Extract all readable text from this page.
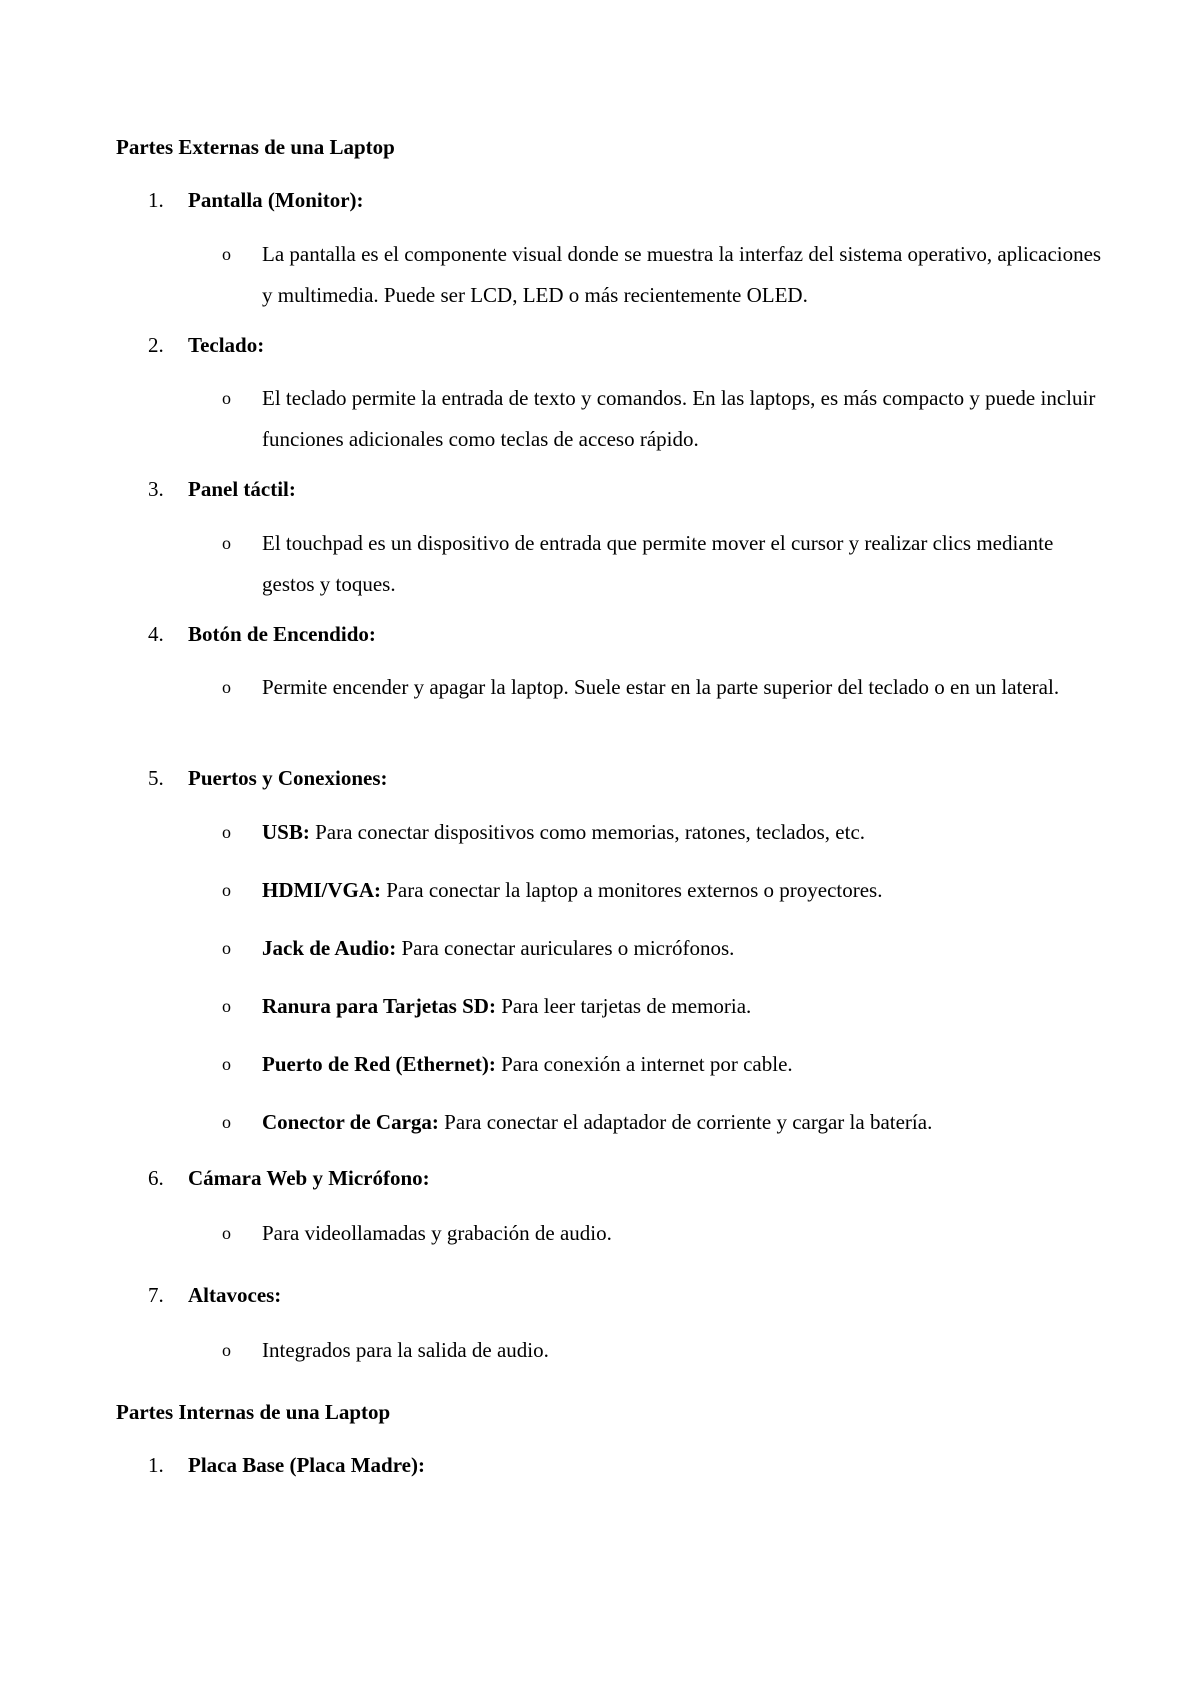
Partes Externas de una Laptop
1. Pantalla (Monitor):
o La pantalla es el componente visual donde se muestra la interfaz del sistema operativo, aplicaciones y multimedia. Puede ser LCD, LED o más recientemente OLED.
2. Teclado:
o El teclado permite la entrada de texto y comandos. En las laptops, es más compacto y puede incluir funciones adicionales como teclas de acceso rápido.
3. Panel táctil:
o El touchpad es un dispositivo de entrada que permite mover el cursor y realizar clics mediante gestos y toques.
4. Botón de Encendido:
o Permite encender y apagar la laptop. Suele estar en la parte superior del teclado o en un lateral.
5. Puertos y Conexiones:
o USB: Para conectar dispositivos como memorias, ratones, teclados, etc.
o HDMI/VGA: Para conectar la laptop a monitores externos o proyectores.
o Jack de Audio: Para conectar auriculares o micrófonos.
o Ranura para Tarjetas SD: Para leer tarjetas de memoria.
o Puerto de Red (Ethernet): Para conexión a internet por cable.
o Conector de Carga: Para conectar el adaptador de corriente y cargar la batería.
6. Cámara Web y Micrófono:
o Para videollamadas y grabación de audio.
7. Altavoces:
o Integrados para la salida de audio.
Partes Internas de una Laptop
1. Placa Base (Placa Madre):
